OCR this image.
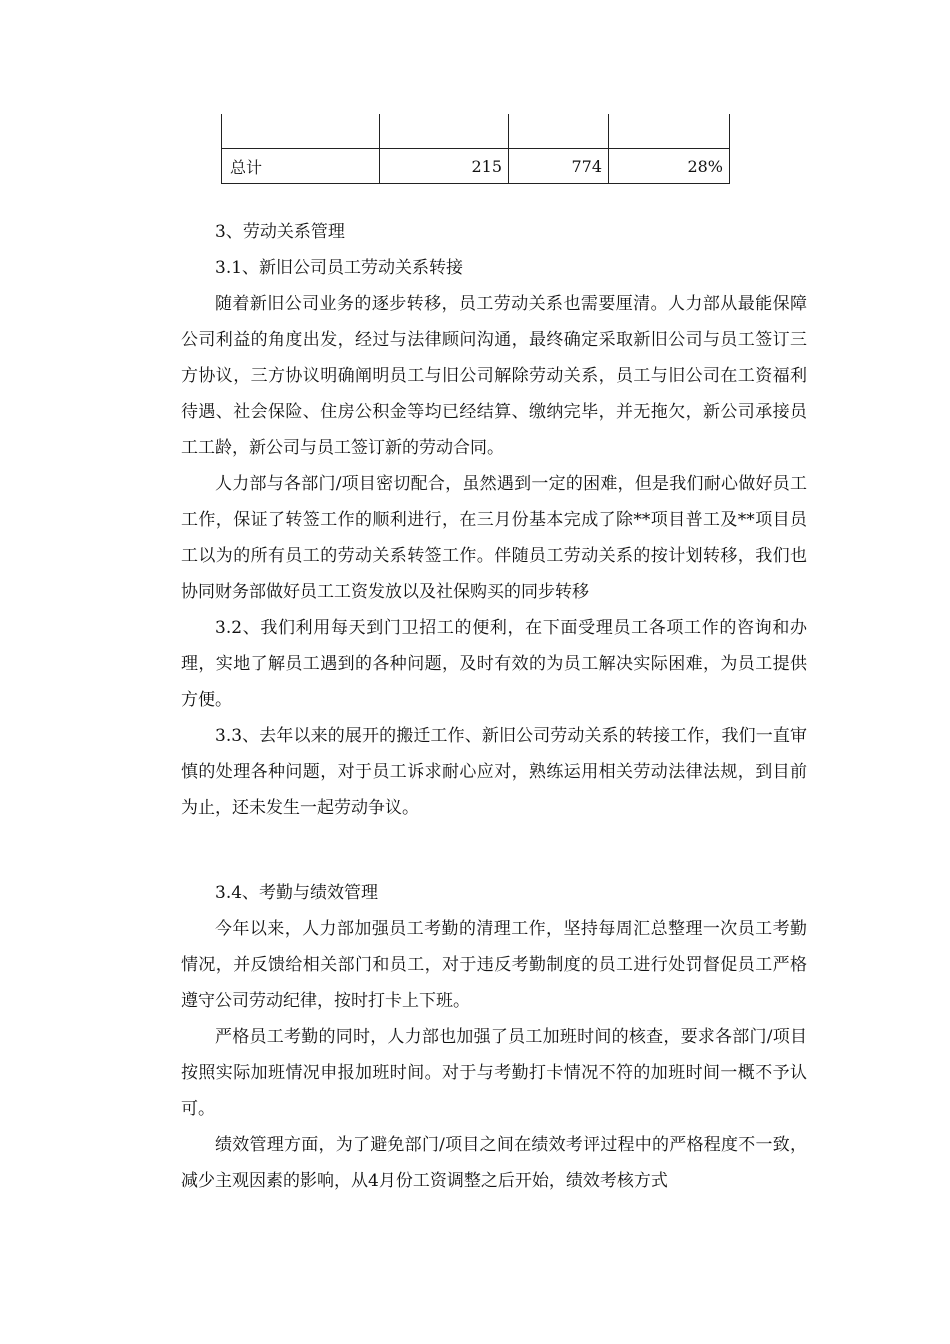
总计	215	774	28%

3、劳动关系管理

3.1、新旧公司员工劳动关系转接

随着新旧公司业务的逐步转移，员工劳动关系也需要厘清。人力部从最能保障公司利益的角度出发，经过与法律顾问沟通，最终确定采取新旧公司与员工签订三方协议，三方协议明确阐明员工与旧公司解除劳动关系，员工与旧公司在工资福利待遇、社会保险、住房公积金等均已经结算、缴纳完毕，并无拖欠，新公司承接员工工龄，新公司与员工签订新的劳动合同。

人力部与各部门/项目密切配合，虽然遇到一定的困难，但是我们耐心做好员工工作，保证了转签工作的顺利进行，在三月份基本完成了除**项目普工及**项目员工以为的所有员工的劳动关系转签工作。伴随员工劳动关系的按计划转移，我们也协同财务部做好员工工资发放以及社保购买的同步转移

3.2、我们利用每天到门卫招工的便利，在下面受理员工各项工作的咨询和办理，实地了解员工遇到的各种问题，及时有效的为员工解决实际困难，为员工提供方便。

3.3、去年以来的展开的搬迁工作、新旧公司劳动关系的转接工作，我们一直审慎的处理各种问题，对于员工诉求耐心应对，熟练运用相关劳动法律法规，到目前为止，还未发生一起劳动争议。

3.4、考勤与绩效管理

今年以来，人力部加强员工考勤的清理工作，坚持每周汇总整理一次员工考勤情况，并反馈给相关部门和员工，对于违反考勤制度的员工进行处罚督促员工严格遵守公司劳动纪律，按时打卡上下班。

严格员工考勤的同时，人力部也加强了员工加班时间的核查，要求各部门/项目按照实际加班情况申报加班时间。对于与考勤打卡情况不符的加班时间一概不予认可。

绩效管理方面，为了避免部门/项目之间在绩效考评过程中的严格程度不一致，减少主观因素的影响，从4月份工资调整之后开始，绩效考核方式
